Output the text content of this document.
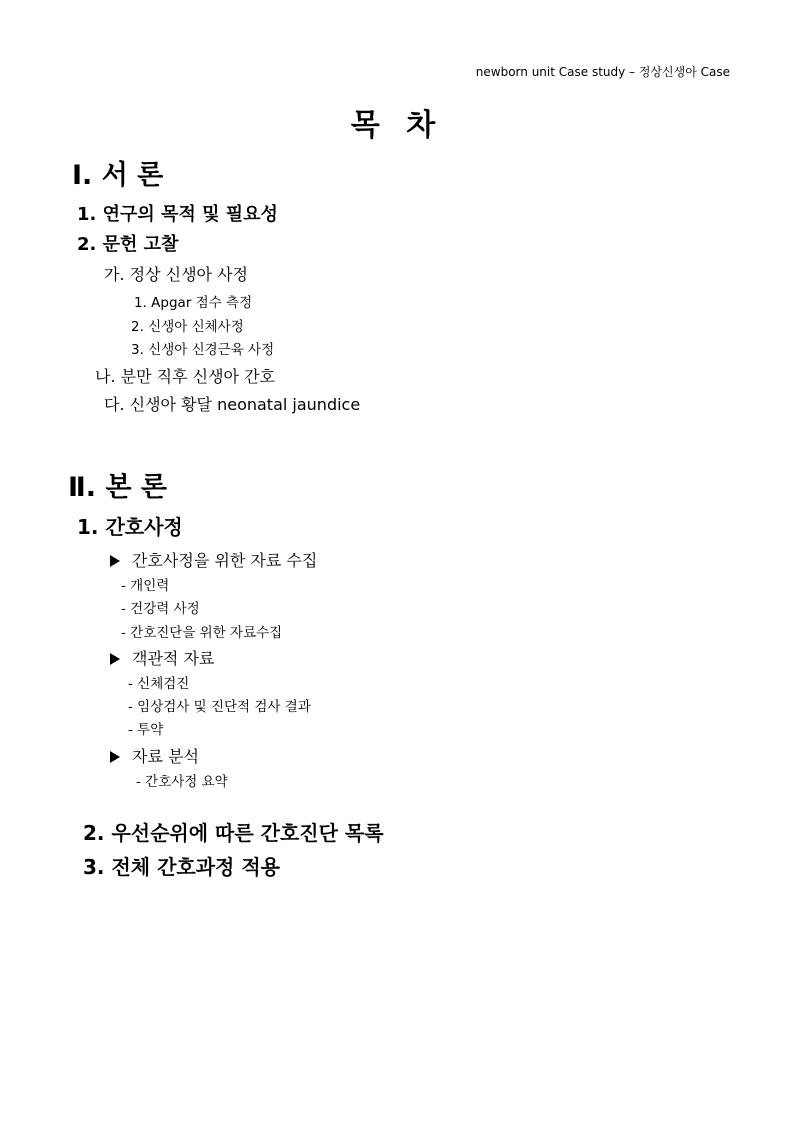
newborn unit Case study – 정상신생아 Case

목 차
Ⅰ. 서 론
1. 연구의 목적 및 필요성
2. 문헌 고찰
가. 정상 신생아 사정
1. Apgar 점수 측정
2. 신생아 신체사정
3. 신생아 신경근육 사정
나. 분만 직후 신생아 간호
다. 신생아 황달 neonatal jaundice
Ⅱ. 본 론
1. 간호사정
간호사정을 위한 자료 수집
- 개인력
- 건강력 사정
- 간호진단을 위한 자료수집
객관적 자료
- 신체검진
- 임상검사 및 진단적 검사 결과
- 투약
자료 분석
- 간호사정 요약
2. 우선순위에 따른 간호진단 목록
3. 전체 간호과정 적용
